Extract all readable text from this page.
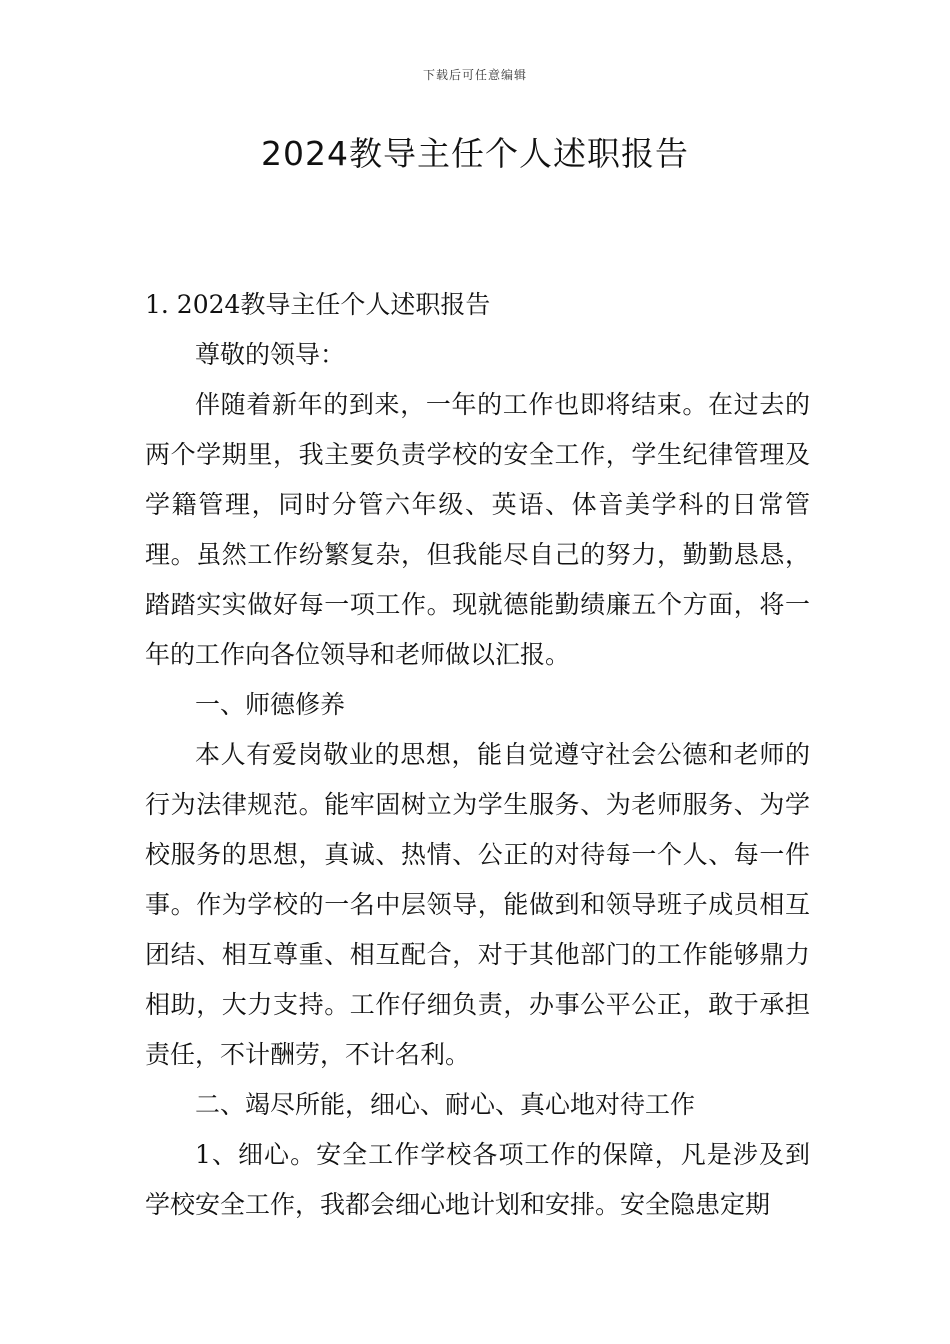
下载后可任意编辑
2024教导主任个人述职报告

1. 2024教导主任个人述职报告

尊敬的领导：

伴随着新年的到来，一年的工作也即将结束。在过去的两个学期里，我主要负责学校的安全工作，学生纪律管理及学籍管理，同时分管六年级、英语、体音美学科的日常管理。虽然工作纷繁复杂，但我能尽自己的努力，勤勤恳恳，踏踏实实做好每一项工作。现就德能勤绩廉五个方面，将一年的工作向各位领导和老师做以汇报。

一、师德修养

本人有爱岗敬业的思想，能自觉遵守社会公德和老师的行为法律规范。能牢固树立为学生服务、为老师服务、为学校服务的思想，真诚、热情、公正的对待每一个人、每一件事。作为学校的一名中层领导，能做到和领导班子成员相互团结、相互尊重、相互配合，对于其他部门的工作能够鼎力相助，大力支持。工作仔细负责，办事公平公正，敢于承担责任，不计酬劳，不计名利。

二、竭尽所能，细心、耐心、真心地对待工作

1、细心。安全工作学校各项工作的保障，凡是涉及到学校安全工作，我都会细心地计划和安排。安全隐患定期
